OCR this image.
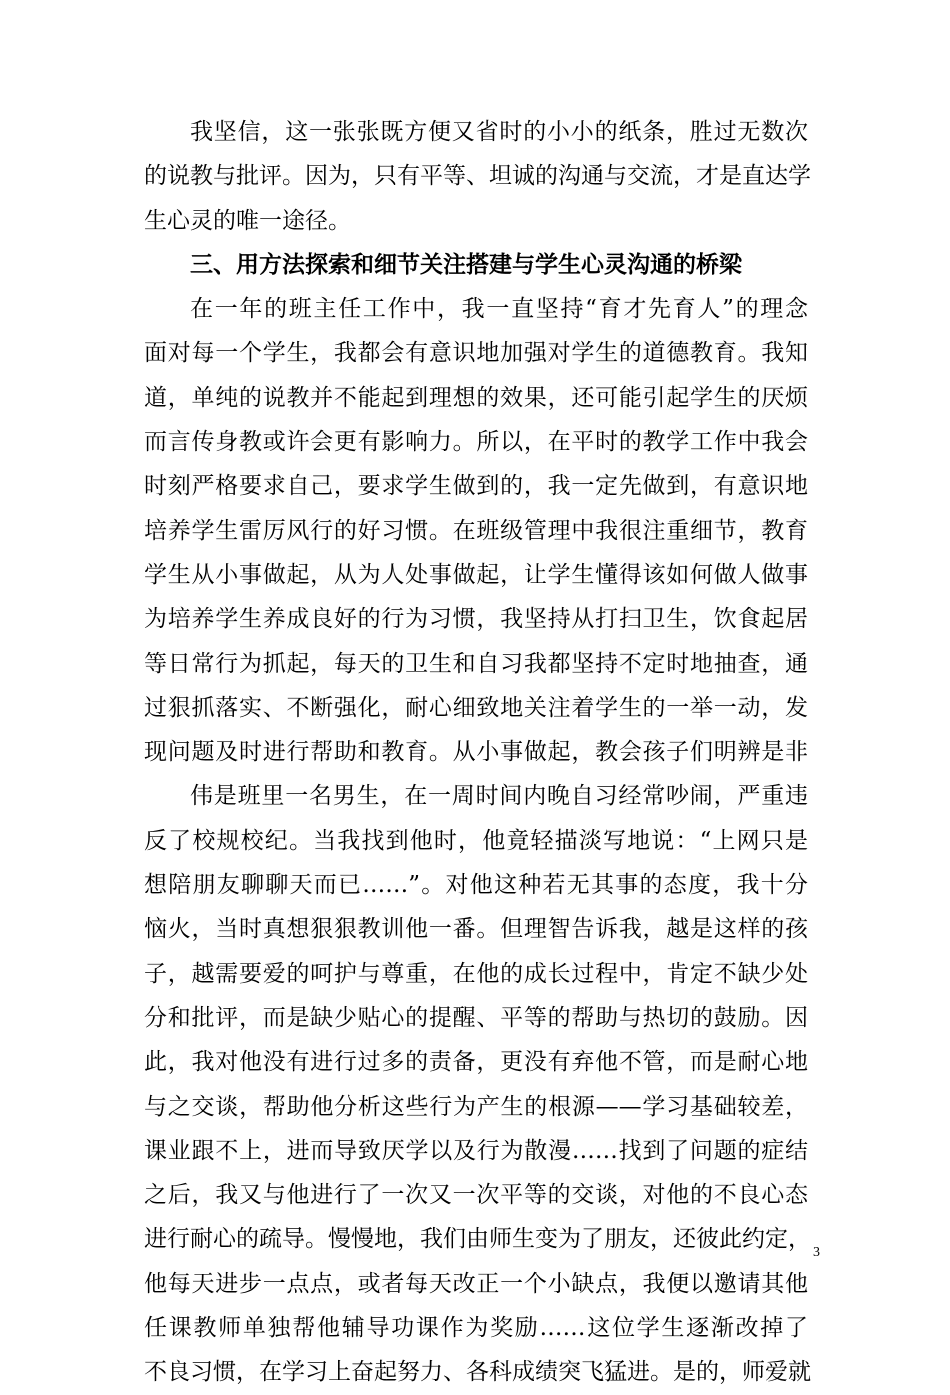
我坚信，这一张张既方便又省时的小小的纸条，胜过无数次
的说教与批评。因为，只有平等、坦诚的沟通与交流，才是直达学
生心灵的唯一途径。
三、用方法探索和细节关注搭建与学生心灵沟通的桥梁
在一年的班主任工作中，我一直坚持“育才先育人”的理念
面对每一个学生，我都会有意识地加强对学生的道德教育。我知
道，单纯的说教并不能起到理想的效果，还可能引起学生的厌烦
而言传身教或许会更有影响力。所以，在平时的教学工作中我会
时刻严格要求自己，要求学生做到的，我一定先做到，有意识地
培养学生雷厉风行的好习惯。在班级管理中我很注重细节，教育
学生从小事做起，从为人处事做起，让学生懂得该如何做人做事
为培养学生养成良好的行为习惯，我坚持从打扫卫生，饮食起居
等日常行为抓起，每天的卫生和自习我都坚持不定时地抽查，通
过狠抓落实、不断强化，耐心细致地关注着学生的一举一动，发
现问题及时进行帮助和教育。从小事做起，教会孩子们明辨是非
伟是班里一名男生，在一周时间内晚自习经常吵闹，严重违
反了校规校纪。当我找到他时，他竟轻描淡写地说：“上网只是
想陪朋友聊聊天而已……”。对他这种若无其事的态度，我十分
恼火，当时真想狠狠教训他一番。但理智告诉我，越是这样的孩
子，越需要爱的呵护与尊重，在他的成长过程中，肯定不缺少处
分和批评，而是缺少贴心的提醒、平等的帮助与热切的鼓励。因
此，我对他没有进行过多的责备，更没有弃他不管，而是耐心地
与之交谈，帮助他分析这些行为产生的根源——学习基础较差，
课业跟不上，进而导致厌学以及行为散漫……找到了问题的症结
之后，我又与他进行了一次又一次平等的交谈，对他的不良心态
进行耐心的疏导。慢慢地，我们由师生变为了朋友，还彼此约定，
他每天进步一点点，或者每天改正一个小缺点，我便以邀请其他
任课教师单独帮他辅导功课作为奖励……这位学生逐渐改掉了
不良习惯，在学习上奋起努力、各科成绩突飞猛进。是的，师爱就
3
